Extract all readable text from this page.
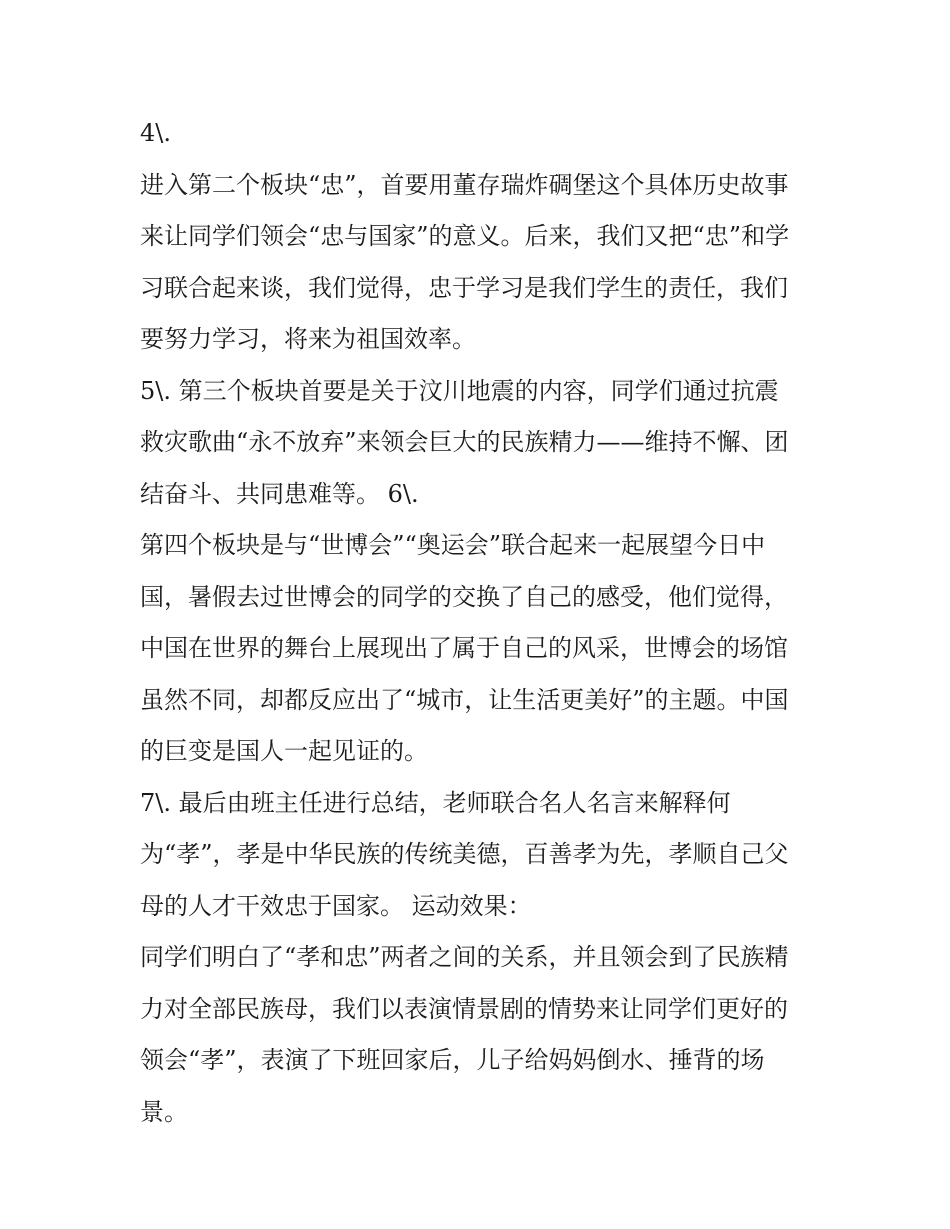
4\.
进入第二个板块“忠”，首要用董存瑞炸碉堡这个具体历史故事
来让同学们领会“忠与国家”的意义。后来，我们又把“忠”和学
习联合起来谈，我们觉得，忠于学习是我们学生的责任，我们
要努力学习，将来为祖国效率。
5\. 第三个板块首要是关于汶川地震的内容，同学们通过抗震
救灾歌曲“永不放弃”来领会巨大的民族精力——维持不懈、团
结奋斗、共同患难等。 6\.
第四个板块是与“世博会”“奥运会”联合起来一起展望今日中
国，暑假去过世博会的同学的交换了自己的感受，他们觉得，
中国在世界的舞台上展现出了属于自己的风采，世博会的场馆
虽然不同，却都反应出了“城市，让生活更美好”的主题。中国
的巨变是国人一起见证的。
7\. 最后由班主任进行总结，老师联合名人名言来解释何
为“孝”，孝是中华民族的传统美德，百善孝为先，孝顺自己父
母的人才干效忠于国家。 运动效果：
同学们明白了“孝和忠”两者之间的关系，并且领会到了民族精
力对全部民族母，我们以表演情景剧的情势来让同学们更好的
领会“孝”，表演了下班回家后，儿子给妈妈倒水、捶背的场
景。
